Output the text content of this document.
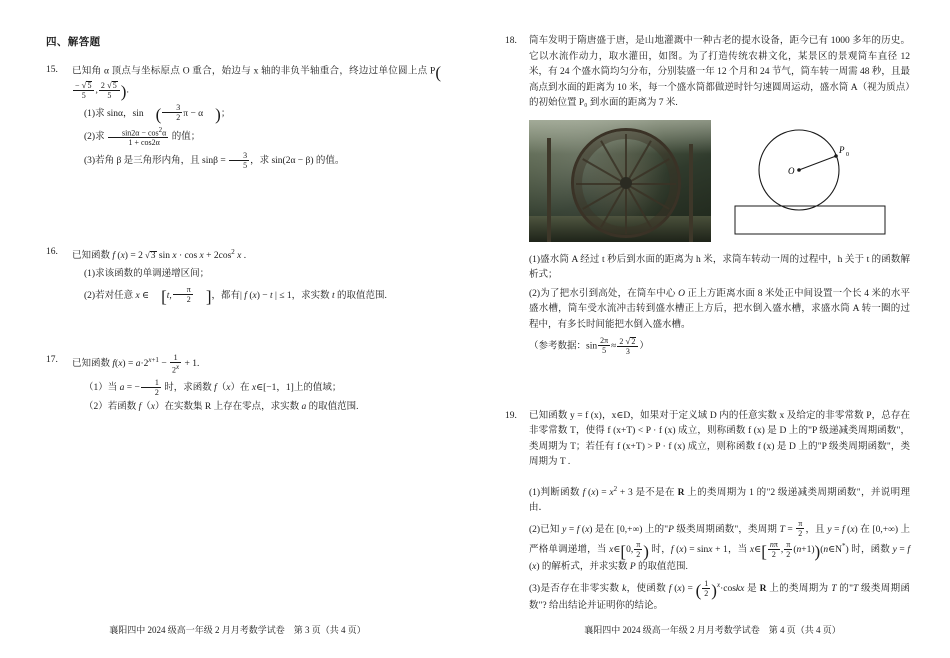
四、解答题
15.	已知角 α 顶点与坐标原点 O 重合，始边与 x 轴的非负半轴重合，终边过单位圆上点 P(
$\frac{- √ 5}{5}$ , $\frac{2 √ 5}{5}$ ).
(1)求 sinα，sin ( $\frac{3}{2}$ π − α )；
(2)求 $\frac{\sin 2\alpha - \cos^2\alpha}{1 + \cos 2\alpha}$ 的值；
(3)若角 β 是三角形内角，且 $\sin\beta = \frac{3}{5}$ ，求 sin(2α − β) 的值。
16.	已知函数 f (x) = 2 √ 3 $\sin x \cdot \cos x + 2\cos^2$ x .
(1)求该函数的单调递增区间；
(2)若对任意 x ∈ [t, $\frac{\pi}{2}$ ]，都有| f (x) − t | ≤ 1，求实数 t 的取值范围.
17.	已知函数 $f(x) = a\cdot 2^{x+1} - \frac{1}{2^x} + 1$.
（1）当 a = − $\frac{1}{2}$ 时，求函数 f（x）在 x∈[−1，1]上的值域；
（2）若函数 f（x）在实数集 R 上存在零点，求实数 a 的取值范围.
襄阳四中 2024 级高一年级 2 月月考数学试卷 第 3 页（共 4 页）
18.	筒车发明于隋唐盛于唐，是山地灌溉中一种古老的提水设备，距今已有 1000 多年的历史。它以水流作动力，取水灌田，如图。为了打造传统农耕文化，某景区的景观筒车直径 12 米，有 24 个盛水筒均匀分布，分别装盛一年 12 个月和 24 节气，筒车转一周需 48 秒，且最高点到水面的距离为 10 米，每一个盛水筒都做逆时针匀速圆周运动，盛水筒 A（视为质点）的初始位置 P₀ 到水面的距离为 7 米.
O
P 0
(1)盛水筒 A 经过 t 秒后到水面的距离为 h 米，求筒车转动一周的过程中，h 关于 t 的函数解析式；
(2)为了把水引到高处，在筒车中心 O 正上方距离水面 8 米处正中间设置一个长 4 米的水平盛水槽，筒车受水流冲击转到盛水槽正上方后，把水倒入盛水槽，求盛水筒 A 转一圈的过程中，有多长时间能把水倒入盛水槽。
（参考数据：$\sin \frac{2\pi}{5} \approx \frac{2 √ 2}{3}$ ）
19.	已知函数 y = f (x)，x∈D，如果对于定义域 D 内的任意实数 x 及给定的非零常数 P，总存在非零常数 T，使得 f (x+T) < P · f (x) 成立，则称函数 f (x) 是 D 上的"P 级递减类周期函数"，类周期为 T；若任有 f (x+T) > P · f (x) 成立，则称函数 f (x) 是 D 上的"P 级类周期函数"，类周期为 T .
(1)判断函数 f $(x) = x^2 + 3$ 是不是在 R 上的类周期为 1 的"2 级递减类周期函数"，并说明理由．
(2)已知 y = f (x) 是在 [0,+∞) 上的"P 级类周期函数"，类周期 $T = \frac{\pi}{2}$ ，且 y = f (x) 在 [0,+∞) 上严格单调递增，当 x∈[0, $\frac{\pi}{2}$ ) 时，f (x) = sinx + 1，当 x∈[ $\frac{n\pi}{2}$ , $\frac{\pi}{2}$ (n+1))(n∈N*) 时，函数 y = f (x) 的解析式，并求实数 P 的取值范围.
(3)是否存在非零实数 k，使函数 f (x) = ( $\frac{1}{2}$ )$^x$·coskx 是 R 上的类周期为 T 的"T 级类周期函数"? 给出结论并证明你的结论。
襄阳四中 2024 级高一年级 2 月月考数学试卷 第 4 页（共 4 页）
